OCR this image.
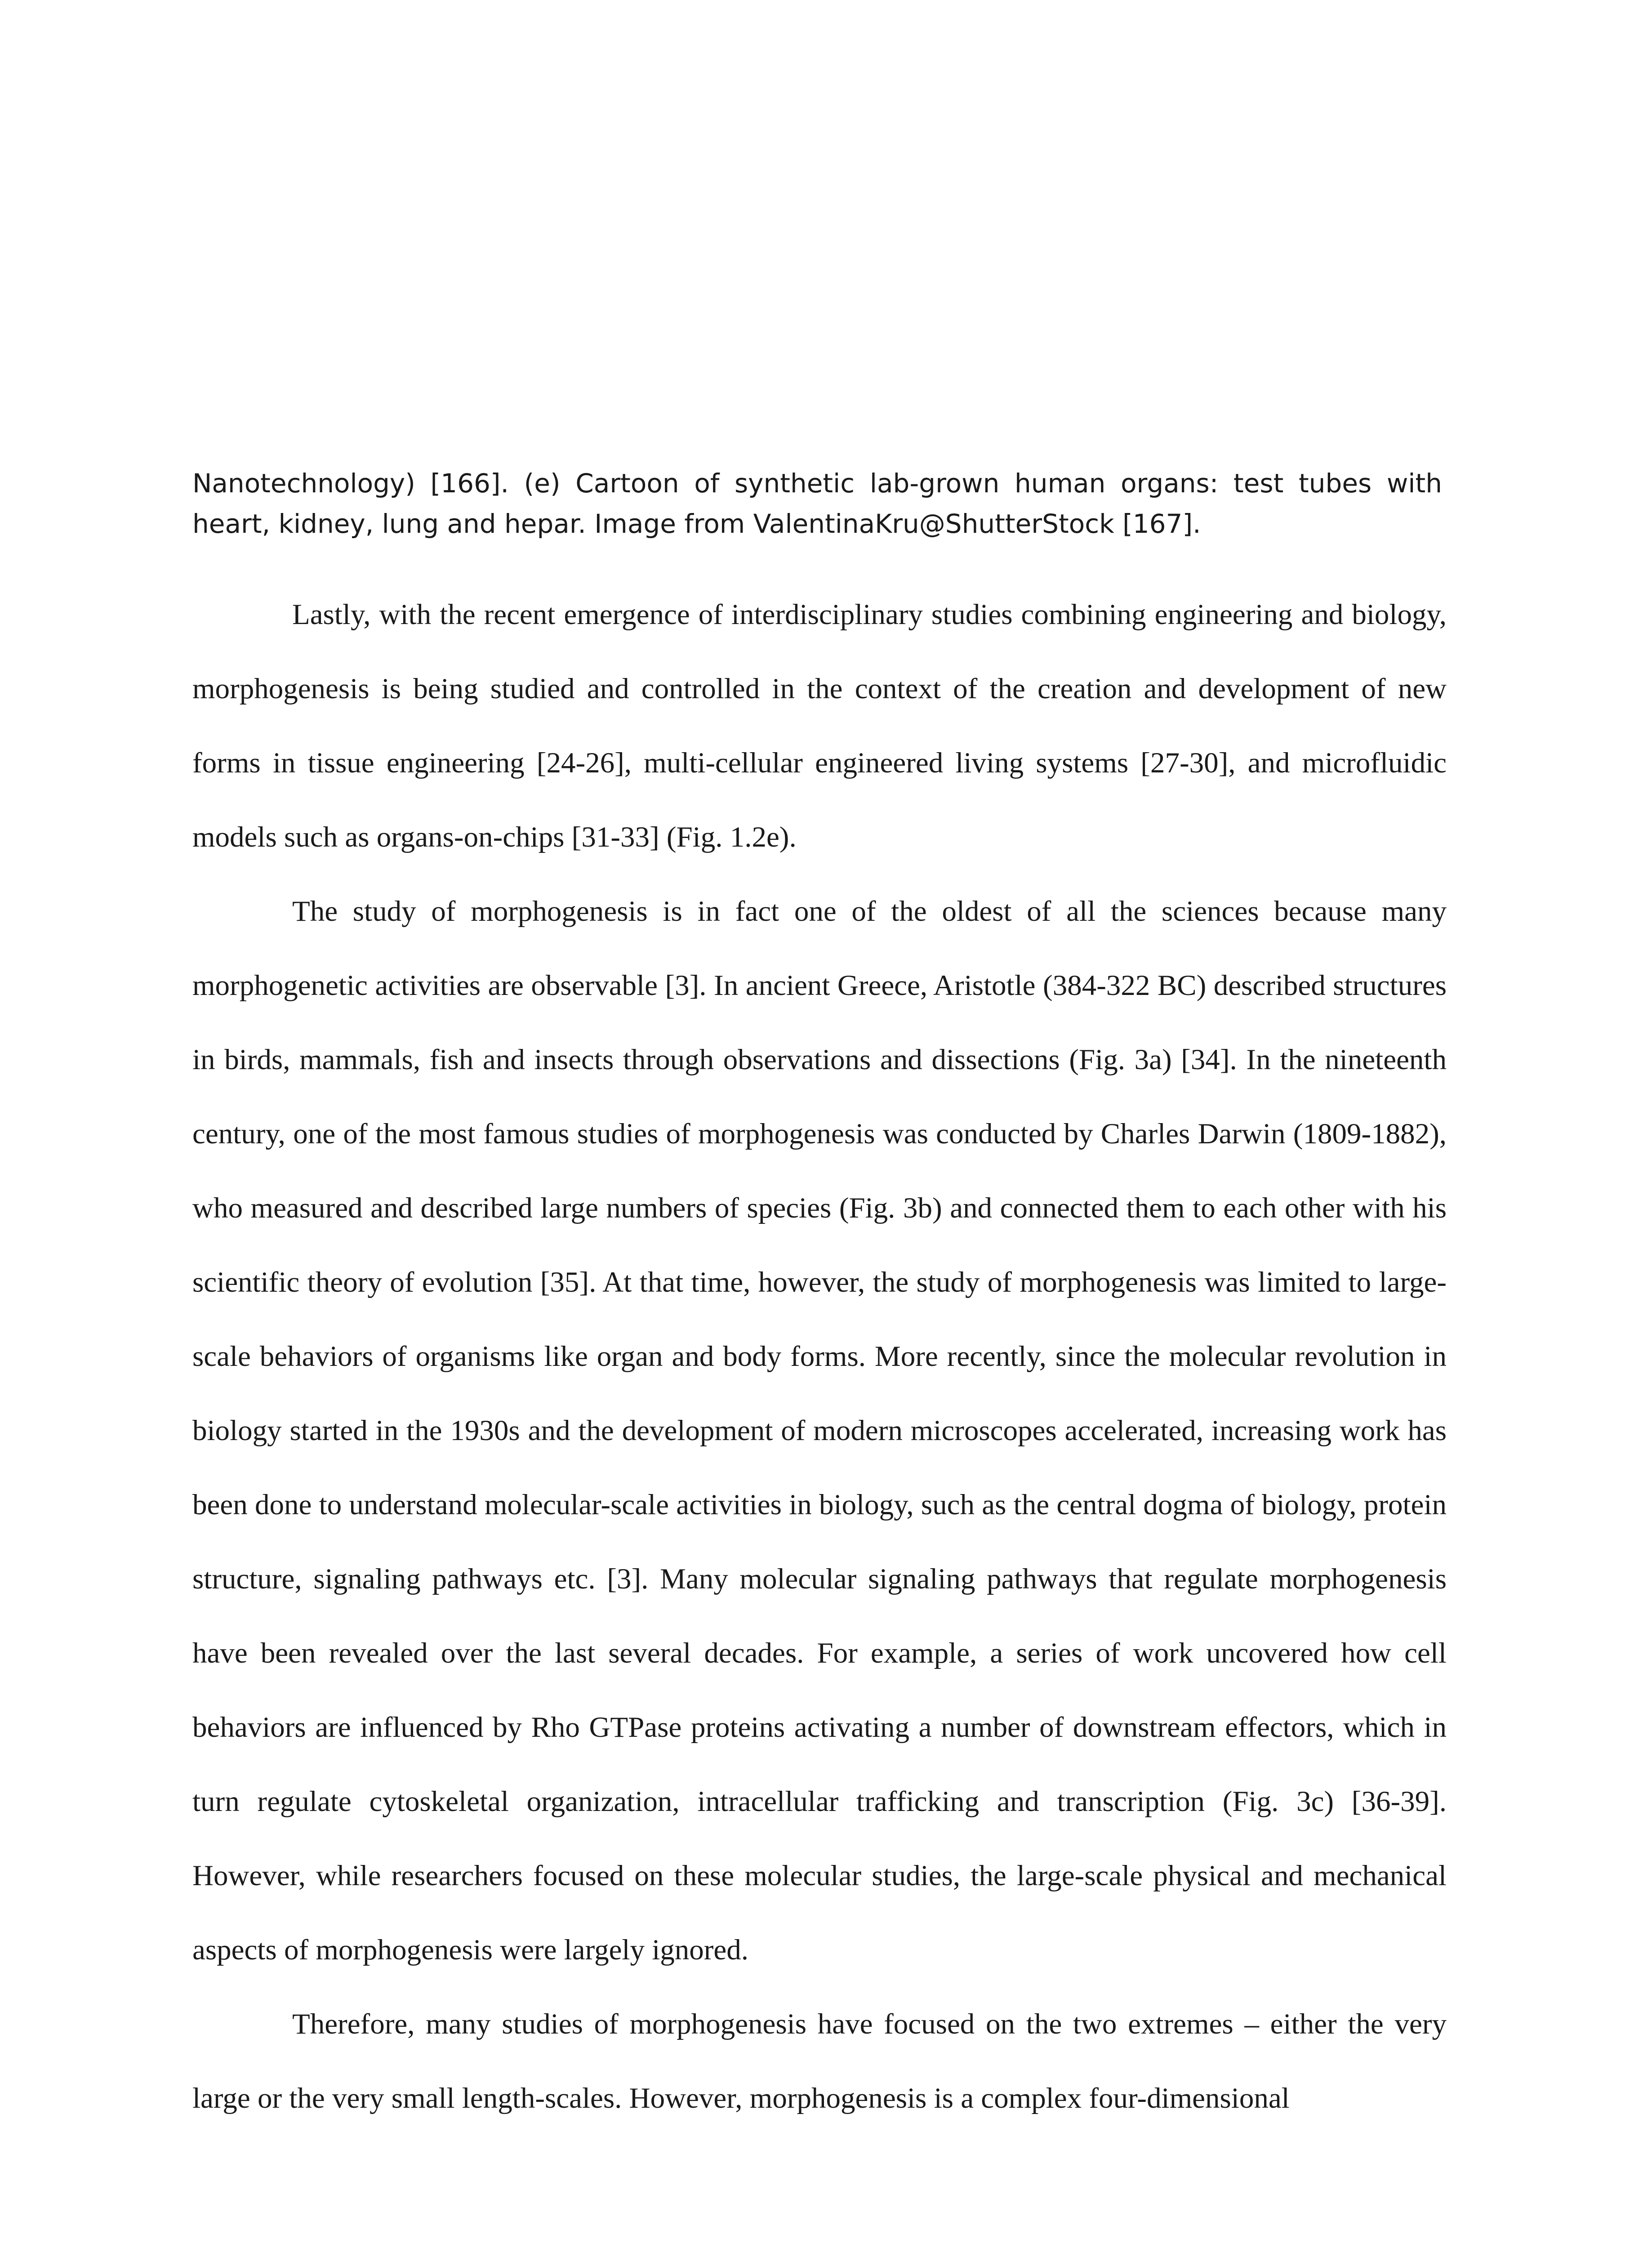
Nanotechnology) [166]. (e) Cartoon of synthetic lab-grown human organs: test tubes with heart, kidney, lung and hepar. Image from ValentinaKru@ShutterStock [167].

Lastly, with the recent emergence of interdisciplinary studies combining engineering and biology, morphogenesis is being studied and controlled in the context of the creation and development of new forms in tissue engineering [24-26], multi-cellular engineered living systems [27-30], and microfluidic models such as organs-on-chips [31-33] (Fig. 1.2e).

The study of morphogenesis is in fact one of the oldest of all the sciences because many morphogenetic activities are observable [3]. In ancient Greece, Aristotle (384-322 BC) described structures in birds, mammals, fish and insects through observations and dissections (Fig. 3a) [34]. In the nineteenth century, one of the most famous studies of morphogenesis was conducted by Charles Darwin (1809-1882), who measured and described large numbers of species (Fig. 3b) and connected them to each other with his scientific theory of evolution [35]. At that time, however, the study of morphogenesis was limited to large-scale behaviors of organisms like organ and body forms. More recently, since the molecular revolution in biology started in the 1930s and the development of modern microscopes accelerated, increasing work has been done to understand molecular-scale activities in biology, such as the central dogma of biology, protein structure, signaling pathways etc. [3]. Many molecular signaling pathways that regulate morphogenesis have been revealed over the last several decades. For example, a series of work uncovered how cell behaviors are influenced by Rho GTPase proteins activating a number of downstream effectors, which in turn regulate cytoskeletal organization, intracellular trafficking and transcription (Fig. 3c) [36-39]. However, while researchers focused on these molecular studies, the large-scale physical and mechanical aspects of morphogenesis were largely ignored.

Therefore, many studies of morphogenesis have focused on the two extremes – either the very large or the very small length-scales. However, morphogenesis is a complex four-dimensional
